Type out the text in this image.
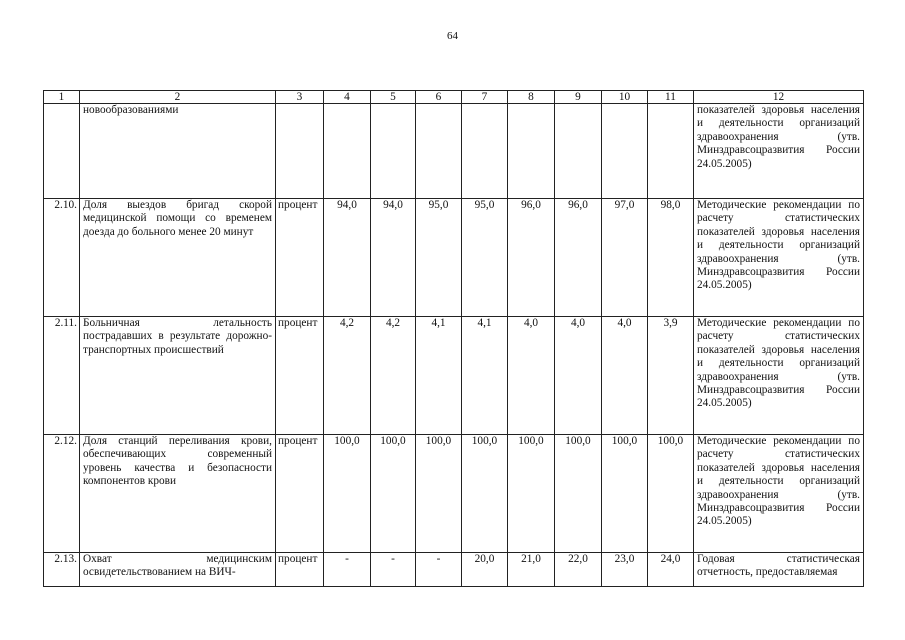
64
1	2	3	4	5	6	7	8	9	10	11	12
	новообразованиями										показателей здоровья населения и деятельности организаций здравоохранения (утв. Минздравсоцразвития России 24.05.2005)
2.10.	Доля выездов бригад скорой медицинской помощи со временем доезда до больного менее 20 минут	процент	94,0	94,0	95,0	95,0	96,0	96,0	97,0	98,0	Методические рекомендации по расчету статистических показателей здоровья населения и деятельности организаций здравоохранения (утв. Минздравсоцразвития России 24.05.2005)
2.11.	Больничная летальность пострадавших в результате дорожно-транспортных происшествий	процент	4,2	4,2	4,1	4,1	4,0	4,0	4,0	3,9	Методические рекомендации по расчету статистических показателей здоровья населения и деятельности организаций здравоохранения (утв. Минздравсоцразвития России 24.05.2005)
2.12.	Доля станций переливания крови, обеспечивающих современный уровень качества и безопасности компонентов крови	процент	100,0	100,0	100,0	100,0	100,0	100,0	100,0	100,0	Методические рекомендации по расчету статистических показателей здоровья населения и деятельности организаций здравоохранения (утв. Минздравсоцразвития России 24.05.2005)
2.13.	Охват медицинским освидетельствованием на ВИЧ-	процент	-	-	-	20,0	21,0	22,0	23,0	24,0	Годовая статистическая отчетность, предоставляемая
